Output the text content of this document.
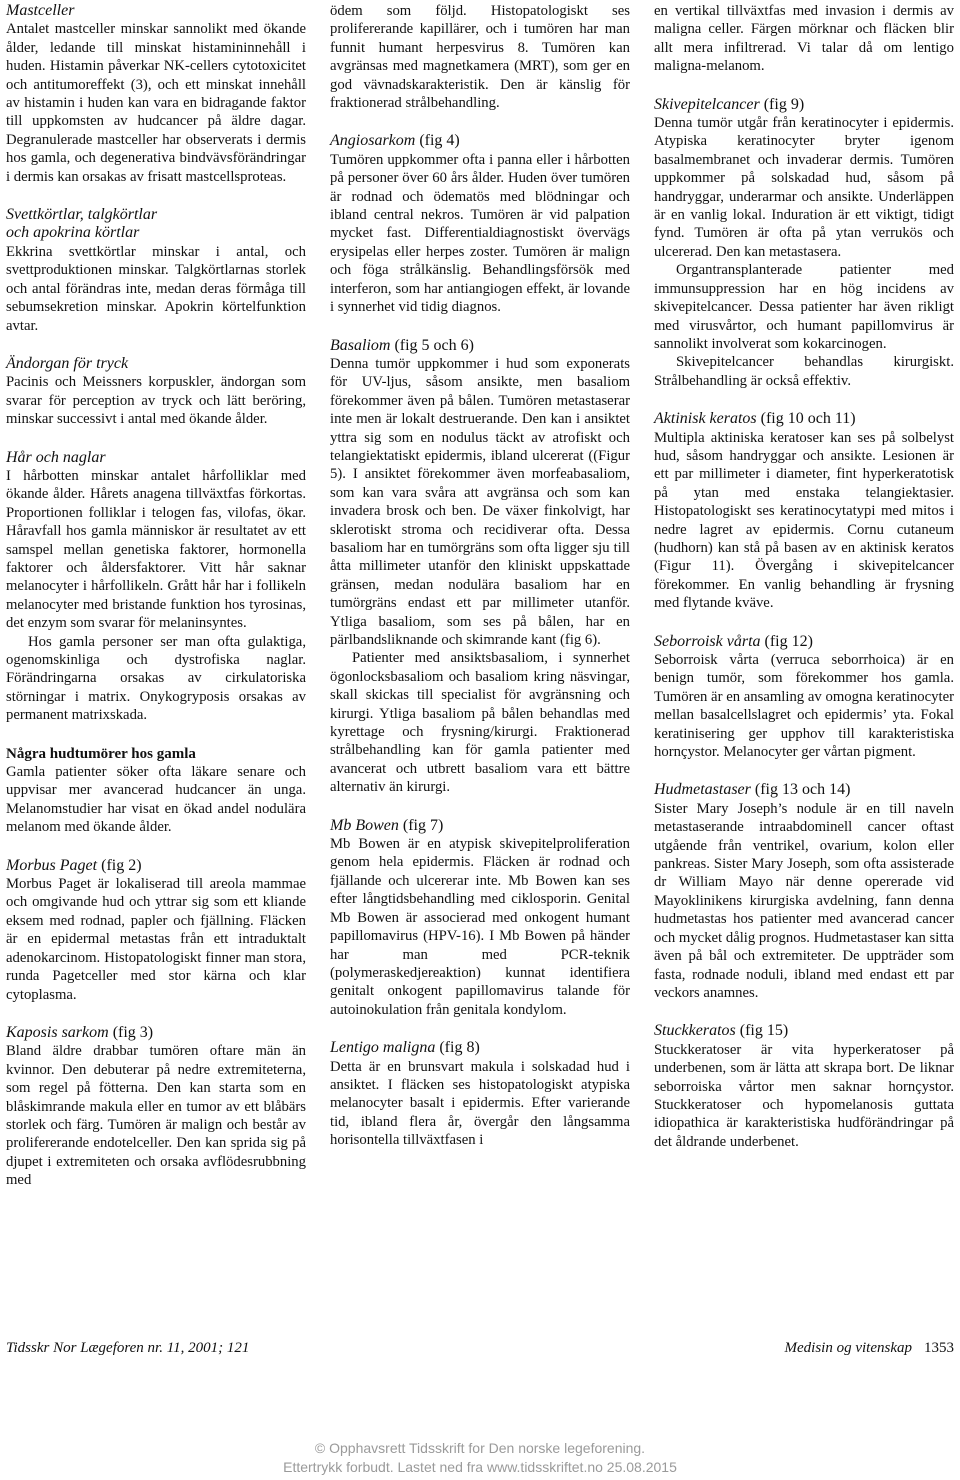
Mastceller

Antalet mastceller minskar sannolikt med ökande ålder, ledande till minskat histamininnehåll i huden. Histamin påverkar NK-cellers cytotoxicitet och antitumoreffekt (3), och ett minskat innehåll av histamin i huden kan vara en bidragande faktor till uppkomsten av hudcancer på äldre dagar. Degranulerade mastceller har observerats i dermis hos gamla, och degenerativa bindvävsförändringar i dermis kan orsakas av frisatt mastcellsproteas.

Svettkörtlar, talgkörtlar
och apokrina körtlar

Ekkrina svettkörtlar minskar i antal, och svettproduktionen minskar. Talgkörtlarnas storlek och antal förändras inte, medan deras förmåga till sebumsekretion minskar. Apokrin körtelfunktion avtar.

Ändorgan för tryck

Pacinis och Meissners korpuskler, ändorgan som svarar för perception av tryck och lätt beröring, minskar successivt i antal med ökande ålder.

Hår och naglar

I hårbotten minskar antalet hårfolliklar med ökande ålder. Hårets anagena tillväxtfas förkortas. Proportionen folliklar i telogen fas, vilofas, ökar. Håravfall hos gamla människor är resultatet av ett samspel mellan genetiska faktorer, hormonella faktorer och åldersfaktorer. Vitt hår saknar melanocyter i hårfollikeln. Grått hår har i follikeln melanocyter med bristande funktion hos tyrosinas, det enzym som svarar för melaninsyntes.

Hos gamla personer ser man ofta gulaktiga, ogenomskinliga och dystrofiska naglar. Förändringarna orsakas av cirkulatoriska störningar i matrix. Onykogryposis orsakas av permanent matrixskada.

Några hudtumörer hos gamla

Gamla patienter söker ofta läkare senare och uppvisar mer avancerad hudcancer än unga. Melanomstudier har visat en ökad andel nodulära melanom med ökande ålder.

Morbus Paget (fig 2)

Morbus Paget är lokaliserad till areola mammae och omgivande hud och yttrar sig som ett kliande eksem med rodnad, papler och fjällning. Fläcken är en epidermal metastas från ett intraduktalt adenokarcinom. Histopatologiskt finner man stora, runda Pagetceller med stor kärna och klar cytoplasma.

Kaposis sarkom (fig 3)

Bland äldre drabbar tumören oftare män än kvinnor. Den debuterar på nedre extremiteterna, som regel på fötterna. Den kan starta som en blåskimrande makula eller en tumor av ett blåbärs storlek och färg. Tumören är malign och består av prolifererande endotelceller. Den kan sprida sig på djupet i extremiteten och orsaka avflödesrubbning med

ödem som följd. Histopatologiskt ses prolifererande kapillärer, och i tumören har man funnit humant herpesvirus 8. Tumören kan avgränsas med magnetkamera (MRT), som ger en god vävnadskarakteristik. Den är känslig för fraktionerad strålbehandling.

Angiosarkom (fig 4)

Tumören uppkommer ofta i panna eller i hårbotten på personer över 60 års ålder. Huden över tumören är rodnad och ödematös med blödningar och ibland central nekros. Tumören är vid palpation mycket fast. Differentialdiagnostiskt övervägs erysipelas eller herpes zoster. Tumören är malign och föga strålkänslig. Behandlingsförsök med interferon, som har antiangiogen effekt, är lovande i synnerhet vid tidig diagnos.

Basaliom (fig 5 och 6)

Denna tumör uppkommer i hud som exponerats för UV-ljus, såsom ansikte, men basaliom förekommer även på bålen. Tumören metastaserar inte men är lokalt destruerande. Den kan i ansiktet yttra sig som en nodulus täckt av atrofiskt och telangiektatiskt epidermis, ibland ulcererat ((Figur 5). I ansiktet förekommer även morfeabasaliom, som kan vara svåra att avgränsa och som kan invadera brosk och ben. De växer finkolvigt, har sklerotiskt stroma och recidiverar ofta. Dessa basaliom har en tumörgräns som ofta ligger sju till åtta millimeter utanför den kliniskt uppskattade gränsen, medan nodulära basaliom har en tumörgräns endast ett par millimeter utanför. Ytliga basaliom, som ses på bålen, har en pärlbandsliknande och skimrande kant (fig 6).

Patienter med ansiktsbasaliom, i synnerhet ögonlocksbasaliom och basaliom kring näsvingar, skall skickas till specialist för avgränsning och kirurgi. Ytliga basaliom på bålen behandlas med kyrettage och frysning/kirurgi. Fraktionerad strålbehandling kan för gamla patienter med avancerat och utbrett basaliom vara ett bättre alternativ än kirurgi.

Mb Bowen (fig 7)

Mb Bowen är en atypisk skivepitelproliferation genom hela epidermis. Fläcken är rodnad och fjällande och ulcererar inte. Mb Bowen kan ses efter långtidsbehandling med ciklosporin. Genital Mb Bowen är associerad med onkogent humant papillomavirus (HPV-16). I Mb Bowen på händer har man med PCR-teknik (polymeraskedjereaktion) kunnat identifiera genitalt onkogent papillomavirus talande för autoinokulation från genitala kondylom.

Lentigo maligna (fig 8)

Detta är en brunsvart makula i solskadad hud i ansiktet. I fläcken ses histopatologiskt atypiska melanocyter basalt i epidermis. Efter varierande tid, ibland flera år, övergår den långsamma horisontella tillväxtfasen i

en vertikal tillväxtfas med invasion i dermis av maligna celler. Färgen mörknar och fläcken blir allt mera infiltrerad. Vi talar då om lentigo maligna-melanom.

Skivepitelcancer (fig 9)

Denna tumör utgår från keratinocyter i epidermis. Atypiska keratinocyter bryter igenom basalmembranet och invaderar dermis. Tumören uppkommer på solskadad hud, såsom på handryggar, underarmar och ansikte. Underläppen är en vanlig lokal. Induration är ett viktigt, tidigt fynd. Tumören är ofta på ytan verrukös och ulcererad. Den kan metastasera.

Organtransplanterade patienter med immunsuppression har en hög incidens av skivepitelcancer. Dessa patienter har även rikligt med virusvårtor, och humant papillomvirus är sannolikt involverat som kokarcinogen.

Skivepitelcancer behandlas kirurgiskt. Strålbehandling är också effektiv.

Aktinisk keratos (fig 10 och 11)

Multipla aktiniska keratoser kan ses på solbelyst hud, såsom handryggar och ansikte. Lesionen är ett par millimeter i diameter, fint hyperkeratotisk på ytan med enstaka telangiektasier. Histopatologiskt ses keratinocytatypi med mitos i nedre lagret av epidermis. Cornu cutaneum (hudhorn) kan stå på basen av en aktinisk keratos (Figur 11). Övergång i skivepitelcancer förekommer. En vanlig behandling är frysning med flytande kväve.

Seborroisk vårta (fig 12)

Seborroisk vårta (verruca seborrhoica) är en benign tumör, som förekommer hos gamla. Tumören är en ansamling av omogna keratinocyter mellan basalcellslagret och epidermis’ yta. Fokal keratinisering ger upphov till karakteristiska hornçystor. Melanocyter ger vårtan pigment.

Hudmetastaser (fig 13 och 14)

Sister Mary Joseph’s nodule är en till naveln metastaserande intraabdominell cancer oftast utgående från ventrikel, ovarium, kolon eller pankreas. Sister Mary Joseph, som ofta assisterade dr William Mayo när denne opererade vid Mayoklinikens kirurgiska avdelning, fann denna hudmetastas hos patienter med avancerad cancer och mycket dålig prognos. Hudmetastaser kan sitta även på bål och extremiteter. De uppträder som fasta, rodnade noduli, ibland med endast ett par veckors anamnes.

Stuckkeratos (fig 15)

Stuckkeratoser är vita hyperkeratoser på underbenen, som är lätta att skrapa bort. De liknar seborroiska vårtor men saknar hornçystor. Stuckkeratoser och hypomelanosis guttata idiopathica är karakteristiska hudförändringar på det åldrande underbenet.

Tidsskr Nor Lægeforen nr. 11, 2001; 121	Medisin og vitenskap 1353
© Opphavsrett Tidsskrift for Den norske legeforening.
Ettertrykk forbudt. Lastet ned fra www.tidsskriftet.no 25.08.2015
